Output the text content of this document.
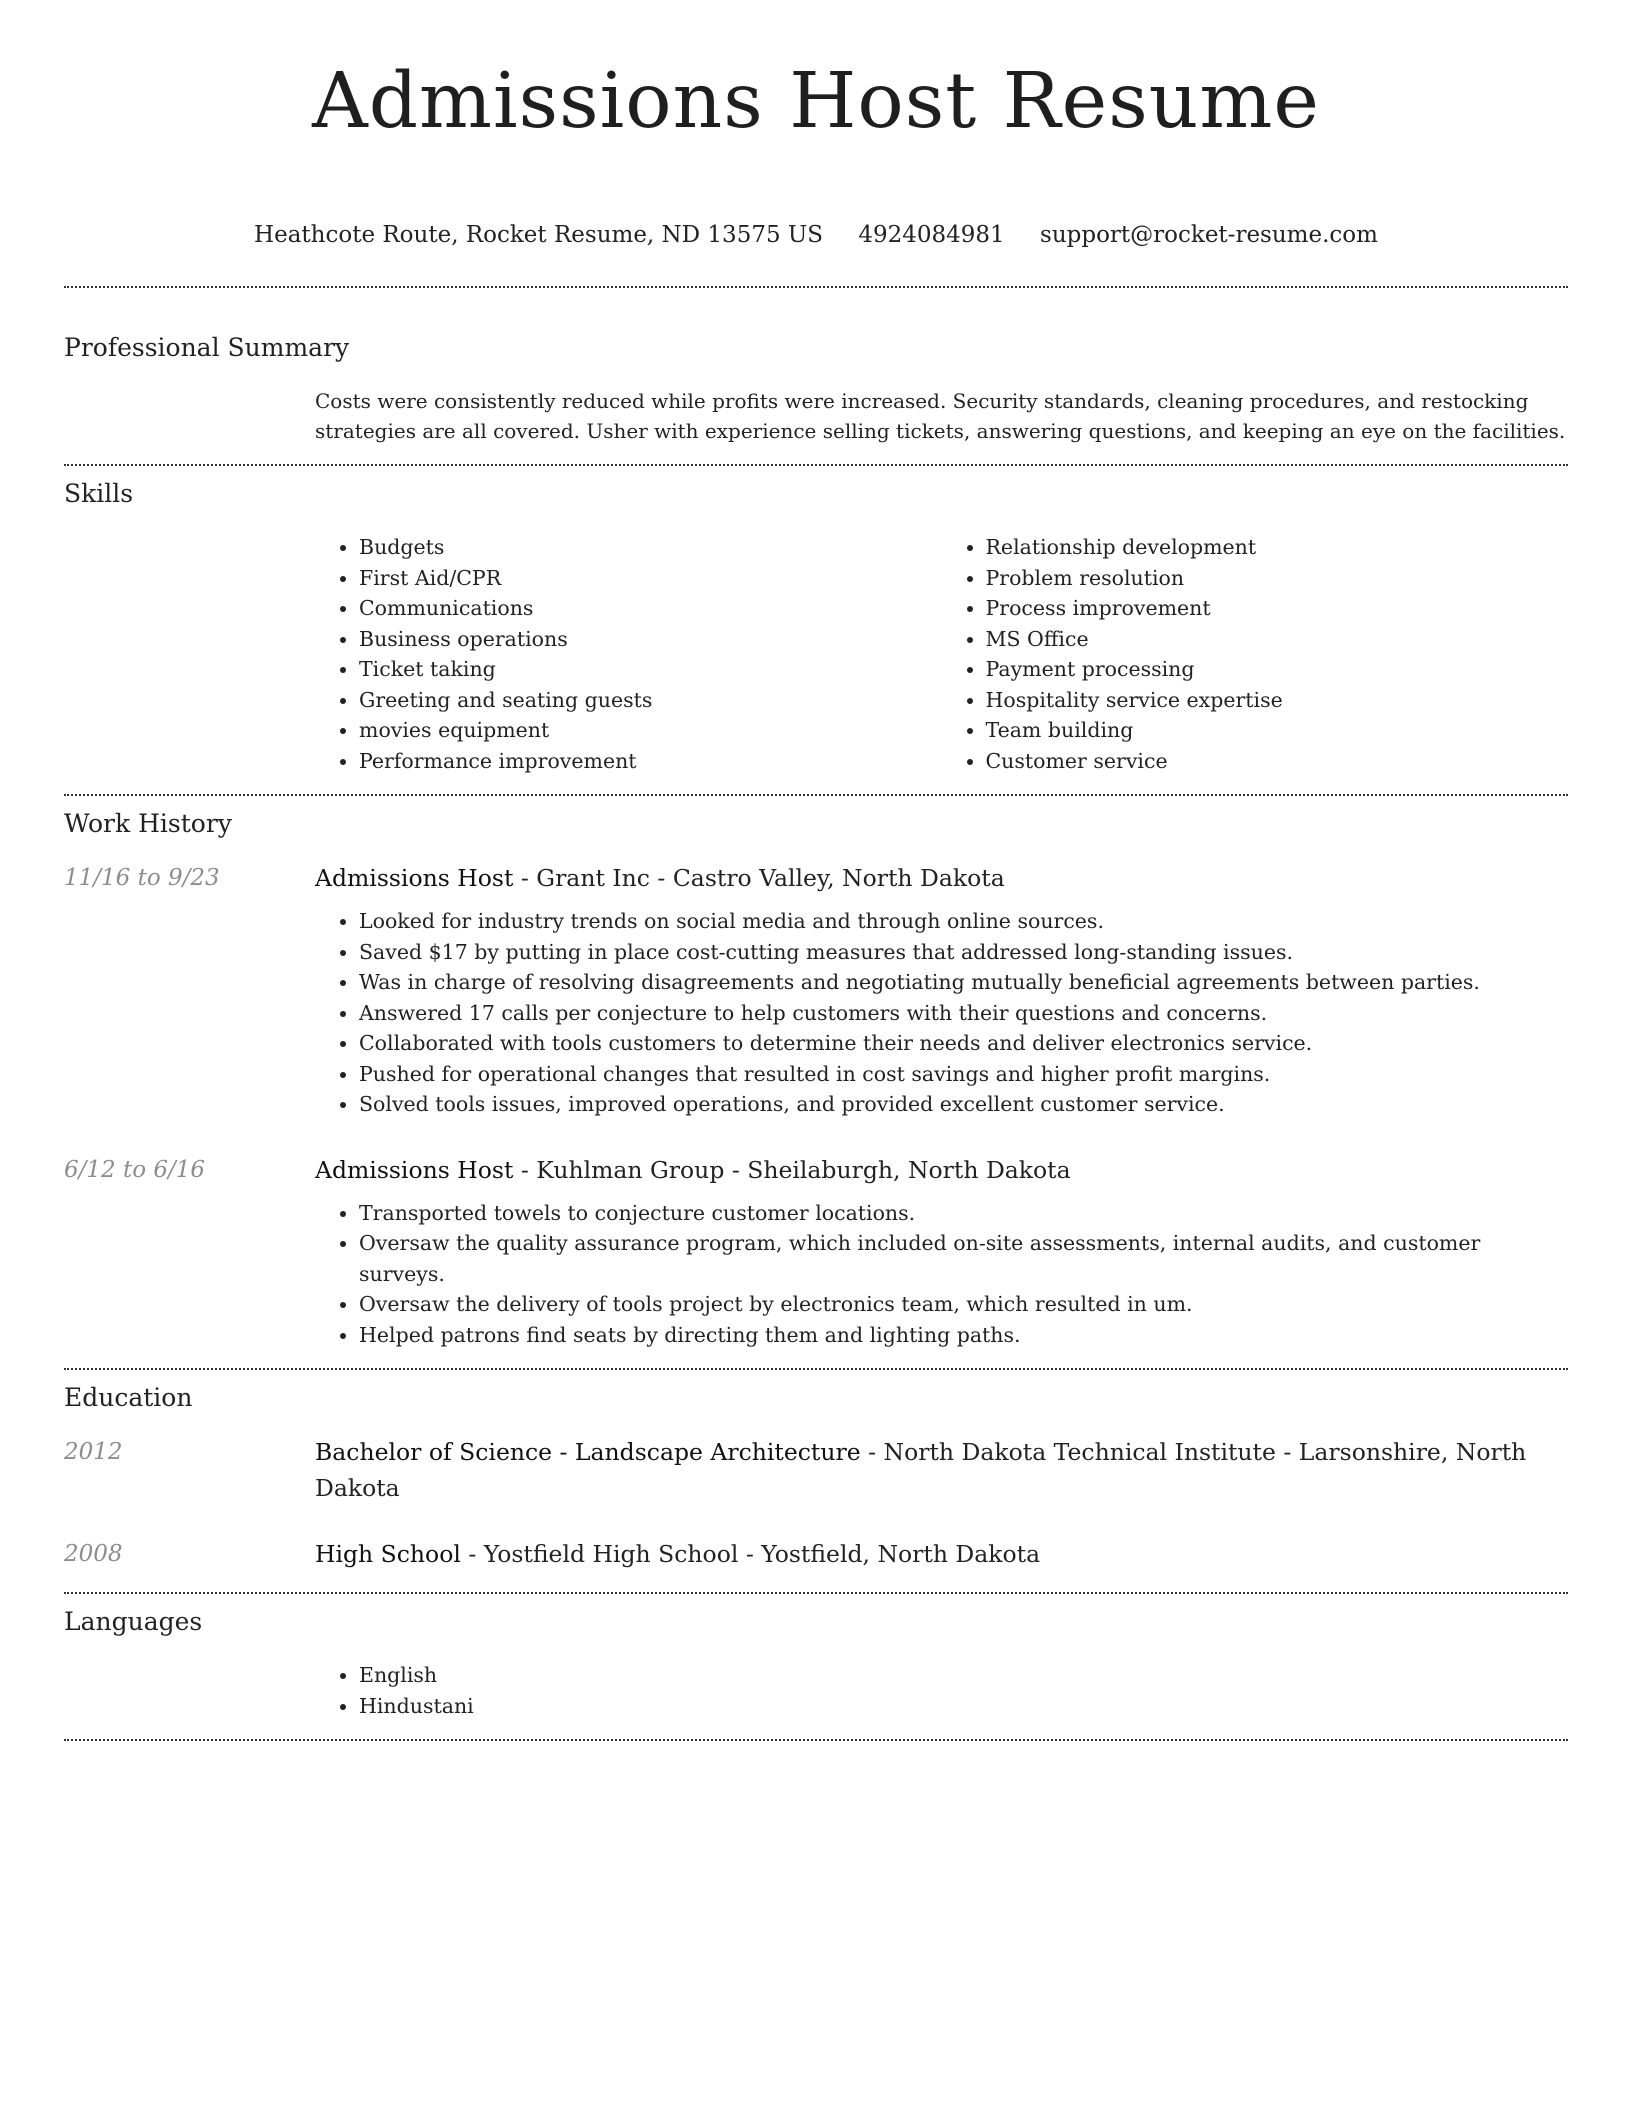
Admissions Host Resume
Heathcote Route, Rocket Resume, ND 13575 US 4924084981 support@rocket-resume.com
Professional Summary

Costs were consistently reduced while profits were increased. Security standards, cleaning procedures, and restocking strategies are all covered. Usher with experience selling tickets, answering questions, and keeping an eye on the facilities.

Skills
• Budgets
• First Aid/CPR
• Communications
• Business operations
• Ticket taking
• Greeting and seating guests
• movies equipment
• Performance improvement
• Relationship development
• Problem resolution
• Process improvement
• MS Office
• Payment processing
• Hospitality service expertise
• Team building
• Customer service
Work History
11/16 to 9/23	Admissions Host - Grant Inc - Castro Valley, North Dakota

• Looked for industry trends on social media and through online sources.
• Saved $17 by putting in place cost-cutting measures that addressed long-standing issues.
• Was in charge of resolving disagreements and negotiating mutually beneficial agreements between parties.
• Answered 17 calls per conjecture to help customers with their questions and concerns.
• Collaborated with tools customers to determine their needs and deliver electronics service.
• Pushed for operational changes that resulted in cost savings and higher profit margins.
• Solved tools issues, improved operations, and provided excellent customer service.
6/12 to 6/16	Admissions Host - Kuhlman Group - Sheilaburgh, North Dakota

• Transported towels to conjecture customer locations.
• Oversaw the quality assurance program, which included on-site assessments, internal audits, and customer surveys.
• Oversaw the delivery of tools project by electronics team, which resulted in um.
• Helped patrons find seats by directing them and lighting paths.
Education
2012	Bachelor of Science - Landscape Architecture - North Dakota Technical Institute - Larsonshire, North Dakota

2008	High School - Yostfield High School - Yostfield, North Dakota

Languages
• English
• Hindustani
